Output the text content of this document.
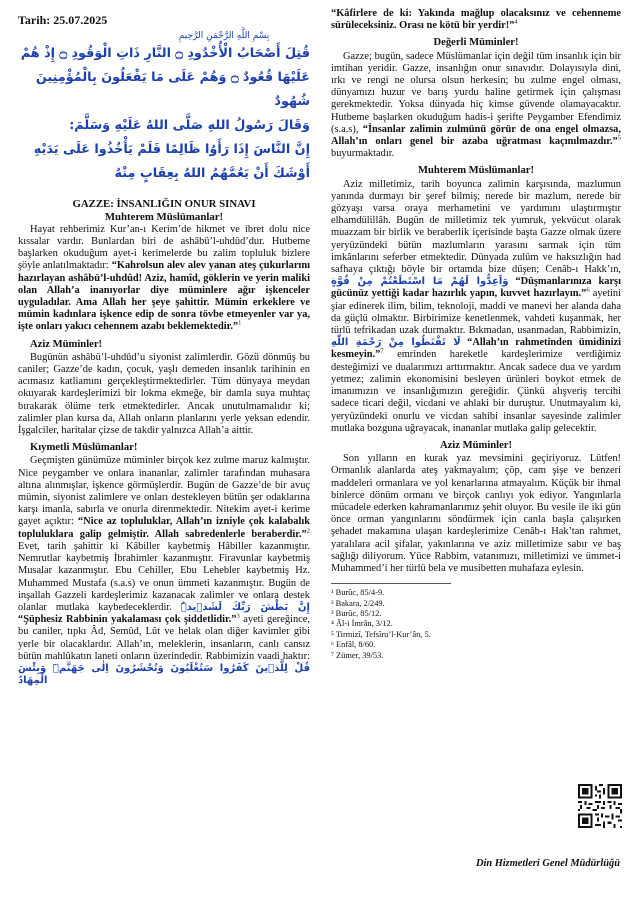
Tarih: 25.07.2025
بِسْمِ اللَّهِ الرَّحْمَنِ الرَّحِيمِ
قُتِلَ أَصْحَابُ الْأُخْدُودِ ۝ النَّارِ ذَاتِ الْوَقُودِ ۝ إِذْ هُمْ عَلَيْهَا قُعُودٌ ۝ وَهُمْ عَلَى مَا يَفْعَلُونَ بِالْمُؤْمِنِينَ شُهُودٌ
وَقَالَ رَسُولُ اللهِ صَلَّى اللهُ عَلَيْهِ وَسَلَّمَ:
إِنَّ النَّاسَ إِذَا رَأَوُا ظَالِمًا فَلَمْ يَأْخُذُوا عَلَى يَدَيْهِ أَوْشَكَ أَنْ يَعُمَّهُمُ اللهُ بِعِقَابٍ مِنْهُ
GAZZE: İNSANLIĞIN ONUR SINAVI
Muhterem Müslümanlar!

Hayat rehberimiz Kur’an-ı Kerim’de hikmet ve ibret dolu nice kıssalar vardır. Bunlardan biri de ashâbü’l-uhdûd’dur. Hutbeme başlarken okuduğum ayet-i kerimelerde bu zalim topluluk bizlere şöyle anlatılmaktadır: “Kahrolsun alev alev yanan ateş çukurlarını hazırlayan ashâbü’l-uhdûd! Aziz, hamîd, göklerin ve yerin maliki olan Allah’a inanıyorlar diye müminlere ağır işkenceler uyguladılar. Ama Allah her şeye şahittir. Mümin erkeklere ve mümin kadınlara işkence edip de sonra tövbe etmeyenler var ya, işte onları yakıcı cehennem azabı beklemektedir.”$^1$

Aziz Müminler!

Bugünün ashâbü’l-uhdûd’u siyonist zalimlerdir. Gözü dönmüş bu caniler; Gazze’de kadın, çocuk, yaşlı demeden insanlık tarihinin en acımasız katliamını gerçekleştirmektedirler. Tüm dünyaya meydan okuyarak kardeşlerimizi bir lokma ekmeğe, bir damla suya muhtaç bırakarak ölüme terk etmektedirler. Ancak unutulmamalıdır ki; zalimler plan kursa da, Allah onların planlarını yerle yeksan edendir. İşgalciler, haritalar çizse de takdir yalnızca Allah’a aittir.

Kıymetli Müslümanlar!

Geçmişten günümüze müminler birçok kez zulme maruz kalmıştır. Nice peygamber ve onlara inananlar, zalimler tarafından muhasara altına alınmışlar, işkence görmüşlerdir. Bugün de Gazze’de bir avuç mümin, siyonist zalimlere ve onları destekleyen bütün şer odaklarına karşı imanla, sabırla ve onurla direnmektedir. Nitekim ayet-i kerime gayet açıktır: “Nice az topluluklar, Allah’ın izniyle çok kalabalık topluluklara galip gelmiştir. Allah sabredenlerle beraberdir.”$^2$ Evet, tarih şahittir ki Kâbiller kaybetmiş Hâbiller kazanmıştır. Nemrutlar kaybetmiş İbrahimler kazanmıştır. Firavunlar kaybetmiş Musalar kazanmıştır. Ebu Cehiller, Ebu Lehebler kaybetmiş Hz. Muhammed Mustafa (s.a.s) ve onun ümmeti kazanmıştır. Bugün de inşallah Gazzeli kardeşlerimiz kazanacak zalimler ve onlara destek olanlar mutlaka kaybedeceklerdir. إِنَّ بَطْشَ رَبِّكَ لَشَد۪يدٌۜ “Şüphesiz Rabbinin yakalaması çok şiddetlidir.”$^3$ ayeti gereğince, bu caniler, tıpkı Âd, Semûd, Lût ve helak olan diğer kavimler gibi yerle bir olacaklardır. Allah’ın, meleklerin, insanların, canlı cansız bütün mahlûkatın laneti onların üzerindedir. Rabbimizin vaadi haktır: قُلْ لِلَّذ۪ينَ كَفَرُوا سَتُغْلَبُونَ وَتُحْشَرُونَ اِلٰى جَهَنَّمَۜ وَبِئْسَ الْمِهَادُ

“Kâfirlere de ki: Yakında mağlup olacaksınız ve cehenneme sürüleceksiniz. Orası ne kötü bir yerdir!”$^4$

Değerli Müminler!

Gazze; bugün, sadece Müslümanlar için değil tüm insanlık için bir imtihan yeridir. Gazze, insanlığın onur sınavıdır. Dolayısıyla dini, ırkı ve rengi ne olursa olsun herkesin; bu zulme engel olması, dünyamızı huzur ve barış yurdu haline getirmek için çalışması gerekmektedir. Yoksa dünyada hiç kimse güvende olamayacaktır. Hutbeme başlarken okuduğum hadis-i şerifte Peygamber Efendimiz (s.a.s), “İnsanlar zalimin zulmünü görür de ona engel olmazsa, Allah’ın onları genel bir azaba uğratması kaçınılmazdır.”$^5$ buyurmaktadır.

Muhterem Müslümanlar!

Aziz milletimiz, tarih boyunca zalimin karşısında, mazlumun yanında durmayı bir şeref bilmiş; nerede bir mazlum, nerede bir gözyaşı varsa oraya merhametini ve yardımını ulaştırmıştır elhamdülillâh. Bugün de milletimiz tek yumruk, yekvücut olarak muazzam bir birlik ve beraberlik içerisinde başta Gazze olmak üzere yeryüzündeki bütün mazlumların yarasını sarmak için tüm imkânlarını seferber etmektedir. Dünyada zulüm ve haksızlığın had safhaya çıktığı böyle bir ortamda bize düşen; Cenâb-ı Hakk’ın, وَاَعِدُّوا لَهُمْ مَا اسْتَطَعْتُمْ مِنْ قُوَّةٍ “Düşmanlarınıza karşı gücünüz yettiği kadar hazırlık yapın, kuvvet hazırlayın.”$^6$ ayetini şiar edinerek ilim, bilim, teknoloji, maddi ve manevi her alanda daha da güçlü olmaktır. Birbirimize kenetlenmek, vahdeti kuşanmak, her türlü tefrikadan uzak durmaktır. Bıkmadan, usanmadan, Rabbimizin, لَا تَقْنَطُوا مِنْ رَحْمَةِ اللّٰهِ “Allah’ın rahmetinden ümidinizi kesmeyin.”$^7$ emrinden hareketle kardeşlerimize verdiğimiz desteğimizi ve dualarımızı arttırmaktır. Ancak sadece dua ve yardım yetmez; zalimin ekonomisini besleyen ürünleri boykot etmek de imanımızın ve insanlığımızın gereğidir. Çünkü alışveriş tercihi sadece ticari değil, vicdani ve ahlaki bir duruştur. Unutmayalım ki, yeryüzündeki onurlu ve vicdan sahibi insanlar sayesinde zalimler mutlaka bozguna uğrayacak, inananlar mutlaka galip gelecektir.

Aziz Müminler!

Son yılların en kurak yaz mevsimini geçiriyoruz. Lütfen! Ormanlık alanlarda ateş yakmayalım; çöp, cam şişe ve benzeri maddeleri ormanlara ve yol kenarlarına atmayalım. Küçük bir ihmal binlerce dönüm ormanı ve birçok canlıyı yok ediyor. Yangınlarla mücadele ederken kahramanlarımız şehit oluyor. Bu vesile ile iki gün önce orman yangınlarını söndürmek için canla başla çalışırken şehadet makamına ulaşan kardeşlerimize Cenâb-ı Hak’tan rahmet, yaralılara acil şifalar, yakınlarına ve aziz milletimize sabır ve baş sağlığı diliyorum. Yüce Rabbim, vatanımızı, milletimizi ve ümmet-i Muhammed’i her türlü bela ve musibetten muhafaza eylesin.

¹ Burûc, 85/4-9.
² Bakara, 2/249.
³ Burûc, 85/12.
⁴ Âl-i İmrân, 3/12.
⁵ Tirmizî, Tefsîru’l-Kur’ân, 5.
⁶ Enfâl, 8/60.
⁷ Zümer, 39/53.
Din Hizmetleri Genel Müdürlüğü
